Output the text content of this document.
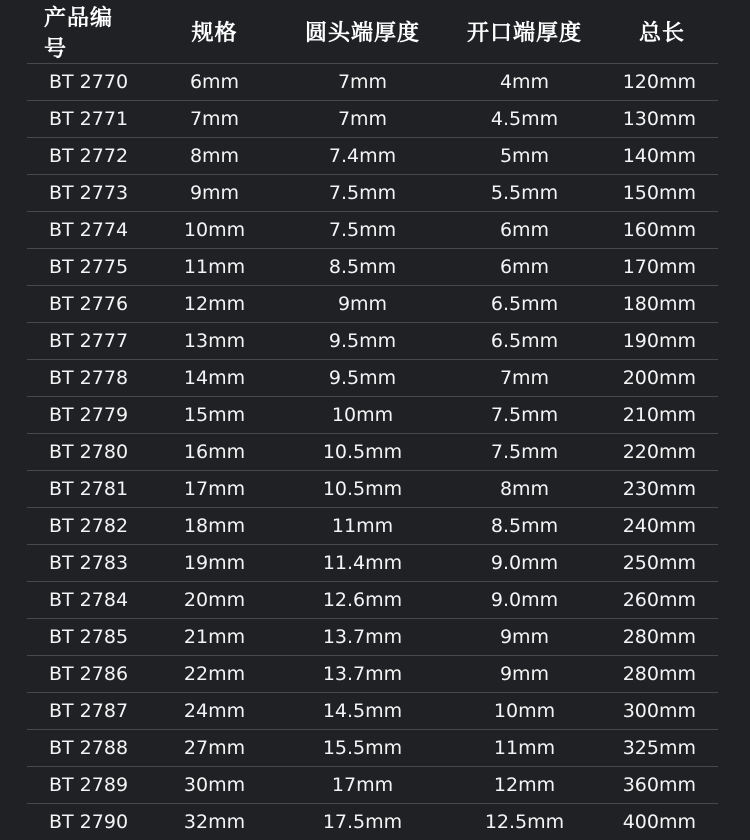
产品编号	规格	圆头端厚度	开口端厚度	总长
BT 2770	6mm	7mm	4mm	120mm
BT 2771	7mm	7mm	4.5mm	130mm
BT 2772	8mm	7.4mm	5mm	140mm
BT 2773	9mm	7.5mm	5.5mm	150mm
BT 2774	10mm	7.5mm	6mm	160mm
BT 2775	11mm	8.5mm	6mm	170mm
BT 2776	12mm	9mm	6.5mm	180mm
BT 2777	13mm	9.5mm	6.5mm	190mm
BT 2778	14mm	9.5mm	7mm	200mm
BT 2779	15mm	10mm	7.5mm	210mm
BT 2780	16mm	10.5mm	7.5mm	220mm
BT 2781	17mm	10.5mm	8mm	230mm
BT 2782	18mm	11mm	8.5mm	240mm
BT 2783	19mm	11.4mm	9.0mm	250mm
BT 2784	20mm	12.6mm	9.0mm	260mm
BT 2785	21mm	13.7mm	9mm	280mm
BT 2786	22mm	13.7mm	9mm	280mm
BT 2787	24mm	14.5mm	10mm	300mm
BT 2788	27mm	15.5mm	11mm	325mm
BT 2789	30mm	17mm	12mm	360mm
BT 2790	32mm	17.5mm	12.5mm	400mm
